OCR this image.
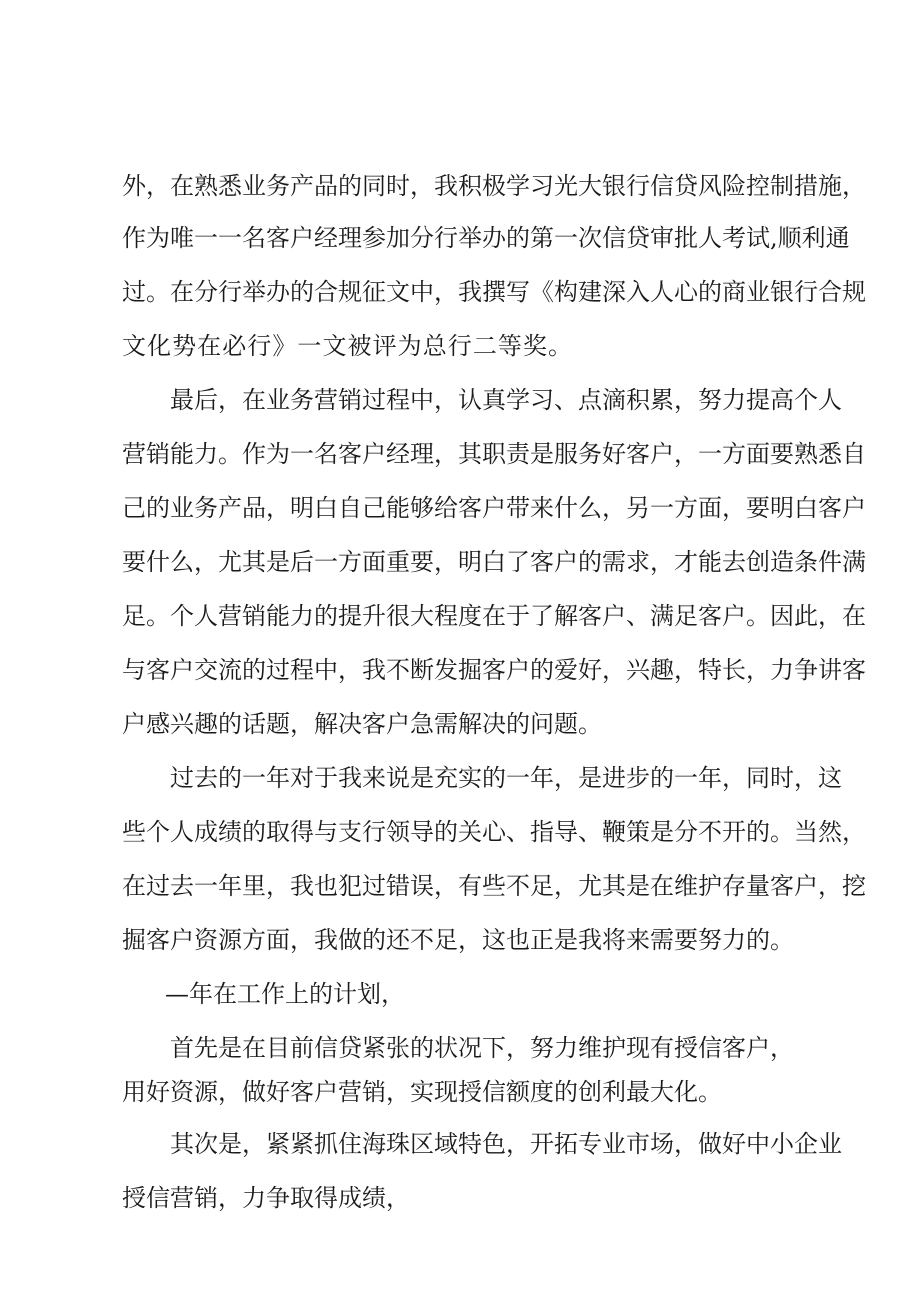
外，在熟悉业务产品的同时，我积极学习光大银行信贷风险控制措施，
作为唯一一名客户经理参加分行举办的第一次信贷审批人考试,顺利通
过。在分行举办的合规征文中，我撰写《构建深入人心的商业银行合规
文化势在必行》一文被评为总行二等奖。
最后，在业务营销过程中，认真学习、点滴积累，努力提高个人
营销能力。作为一名客户经理，其职责是服务好客户，一方面要熟悉自
己的业务产品，明白自己能够给客户带来什么，另一方面，要明白客户
要什么，尤其是后一方面重要，明白了客户的需求，才能去创造条件满
足。个人营销能力的提升很大程度在于了解客户、满足客户。因此，在
与客户交流的过程中，我不断发掘客户的爱好，兴趣，特长，力争讲客
户感兴趣的话题，解决客户急需解决的问题。
过去的一年对于我来说是充实的一年，是进步的一年，同时，这
些个人成绩的取得与支行领导的关心、指导、鞭策是分不开的。当然，
在过去一年里，我也犯过错误，有些不足，尤其是在维护存量客户，挖
掘客户资源方面，我做的还不足，这也正是我将来需要努力的。
—年在工作上的计划，
首先是在目前信贷紧张的状况下，努力维护现有授信客户，
用好资源，做好客户营销，实现授信额度的创利最大化。
其次是，紧紧抓住海珠区域特色，开拓专业市场，做好中小企业
授信营销，力争取得成绩，
